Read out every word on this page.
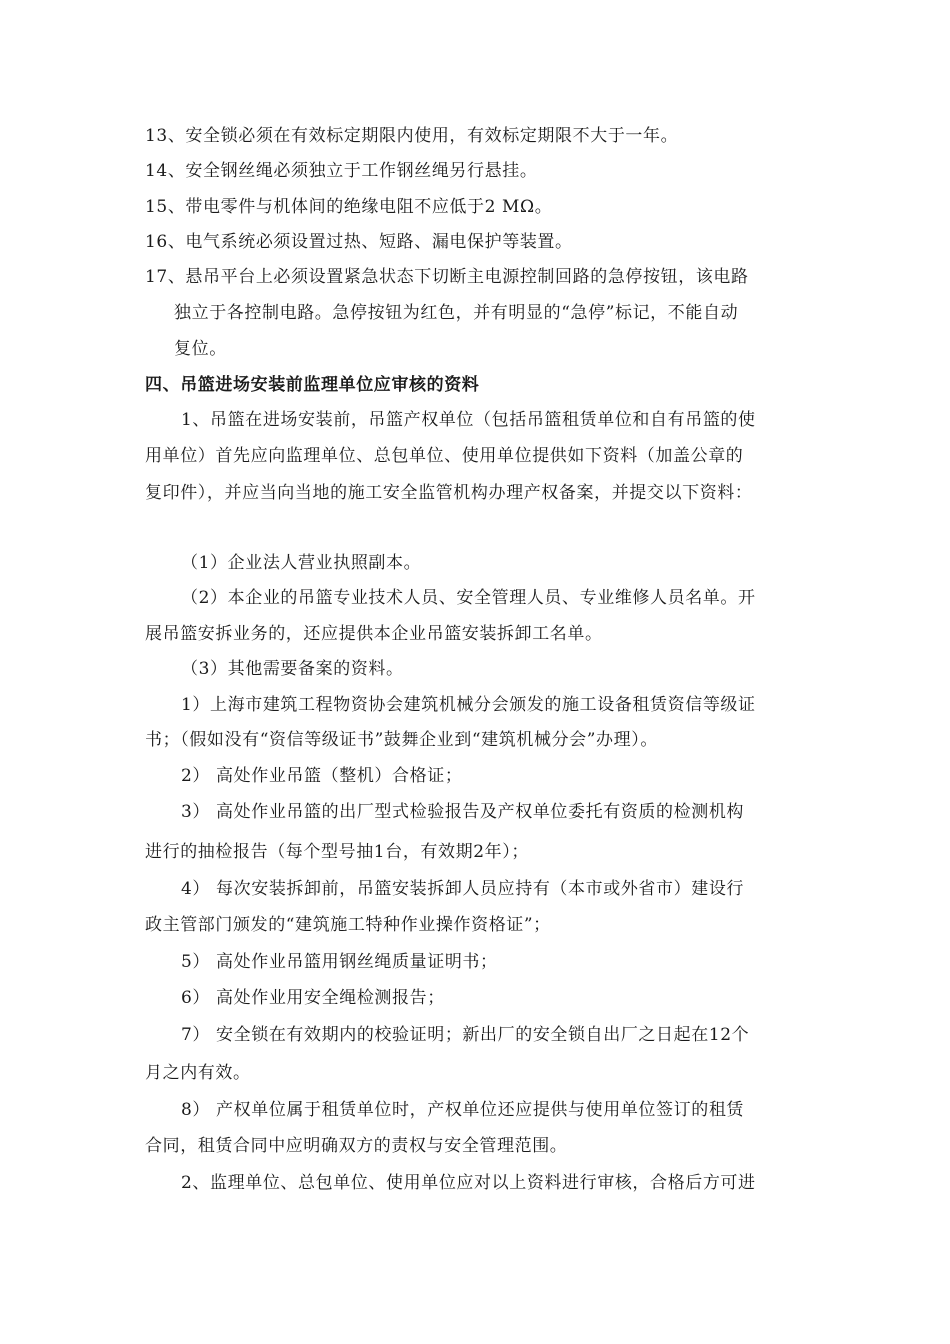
13、安全锁必须在有效标定期限内使用，有效标定期限不大于一年。
14、安全钢丝绳必须独立于工作钢丝绳另行悬挂。
15、带电零件与机体间的绝缘电阻不应低于2 MΩ。
16、电气系统必须设置过热、短路、漏电保护等装置。
17、悬吊平台上必须设置紧急状态下切断主电源控制回路的急停按钮，该电路
独立于各控制电路。急停按钮为红色，并有明显的“急停”标记，不能自动
复位。
四、吊篮进场安装前监理单位应审核的资料
1、吊篮在进场安装前，吊篮产权单位（包括吊篮租赁单位和自有吊篮的使
用单位）首先应向监理单位、总包单位、使用单位提供如下资料（加盖公章的
复印件），并应当向当地的施工安全监管机构办理产权备案，并提交以下资料：
（1）企业法人营业执照副本。
（2）本企业的吊篮专业技术人员、安全管理人员、专业维修人员名单。开
展吊篮安拆业务的，还应提供本企业吊篮安装拆卸工名单。
（3）其他需要备案的资料。
1）上海市建筑工程物资协会建筑机械分会颁发的施工设备租赁资信等级证
书；（假如没有“资信等级证书”鼓舞企业到“建筑机械分会”办理）。
2） 高处作业吊篮（整机）合格证；
3） 高处作业吊篮的出厂型式检验报告及产权单位委托有资质的检测机构
进行的抽检报告（每个型号抽1台，有效期2年）；
4） 每次安装拆卸前，吊篮安装拆卸人员应持有（本市或外省市）建设行
政主管部门颁发的“建筑施工特种作业操作资格证”；
5） 高处作业吊篮用钢丝绳质量证明书；
6） 高处作业用安全绳检测报告；
7） 安全锁在有效期内的校验证明；新出厂的安全锁自出厂之日起在12个
月之内有效。
8） 产权单位属于租赁单位时，产权单位还应提供与使用单位签订的租赁
合同，租赁合同中应明确双方的责权与安全管理范围。
2、监理单位、总包单位、使用单位应对以上资料进行审核，合格后方可进
